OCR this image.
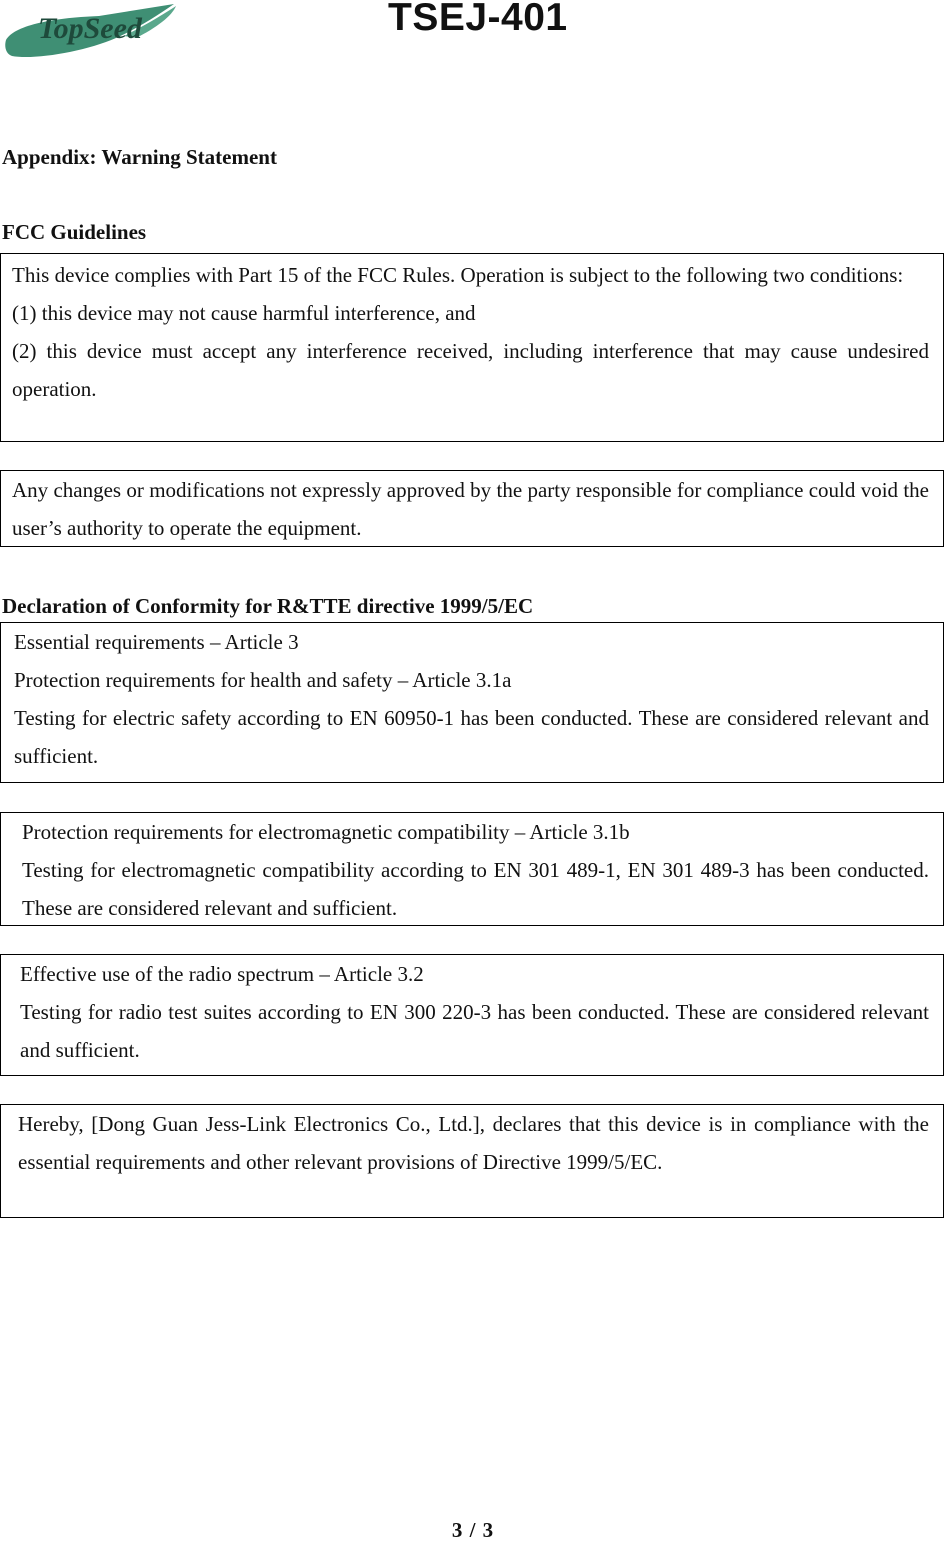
TopSeed	TSEJ-401
Appendix: Warning Statement
FCC Guidelines

This device complies with Part 15 of the FCC Rules. Operation is subject to the following two conditions:

(1) this device may not cause harmful interference, and

(2) this device must accept any interference received, including interference that may cause undesired operation.

Any changes or modifications not expressly approved by the party responsible for compliance could void the user’s authority to operate the equipment.

Declaration of Conformity for R&TTE directive 1999/5/EC

Essential requirements – Article 3

Protection requirements for health and safety – Article 3.1a

Testing for electric safety according to EN 60950-1 has been conducted. These are considered relevant and sufficient.

Protection requirements for electromagnetic compatibility – Article 3.1b

Testing for electromagnetic compatibility according to EN 301 489-1, EN 301 489-3 has been conducted. These are considered relevant and sufficient.

Effective use of the radio spectrum – Article 3.2

Testing for radio test suites according to EN 300 220-3 has been conducted. These are considered relevant and sufficient.

Hereby, [Dong Guan Jess-Link Electronics Co., Ltd.], declares that this device is in compliance with the essential requirements and other relevant provisions of Directive 1999/5/EC.

3 / 3
